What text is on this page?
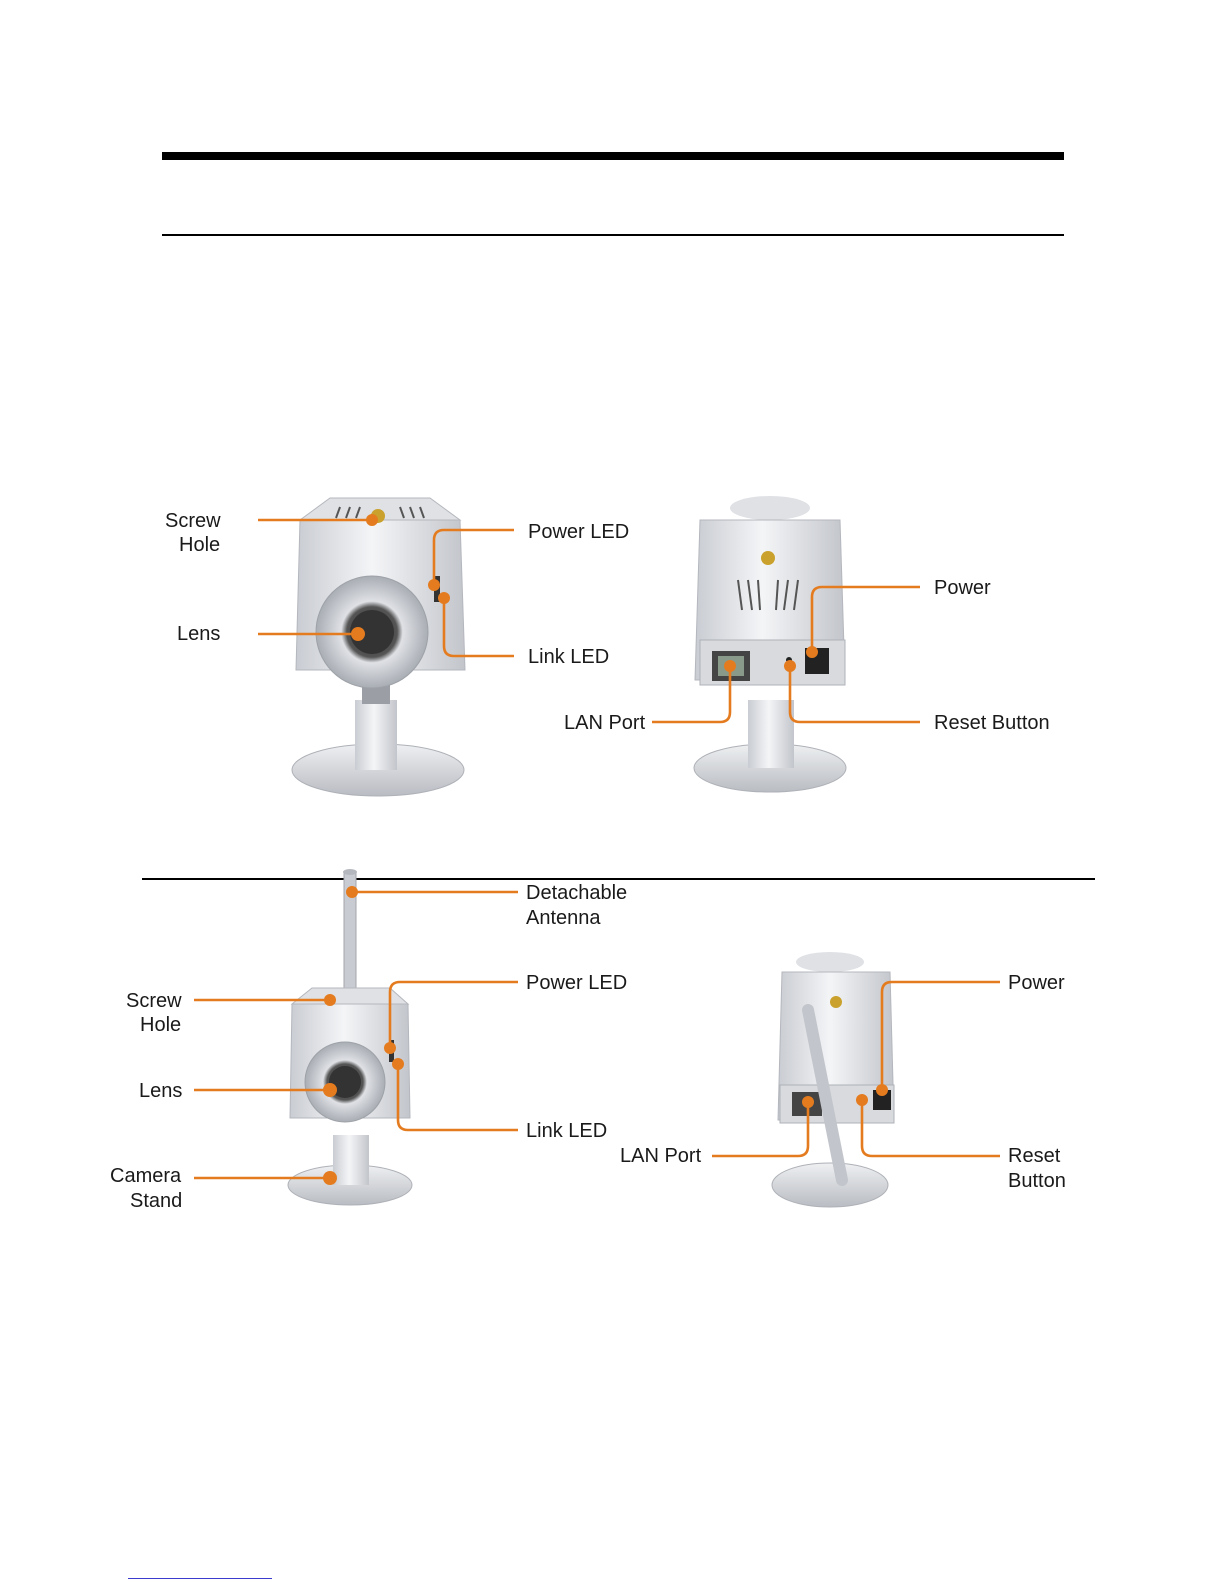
Screw
Hole
Lens
Power LED
Link LED
Power
LAN Port	Reset Button
Detachable
Antenna
Screw
Hole
Lens
Power LED
Link LED
Camera
Stand
Power
LAN Port	Reset
Button
